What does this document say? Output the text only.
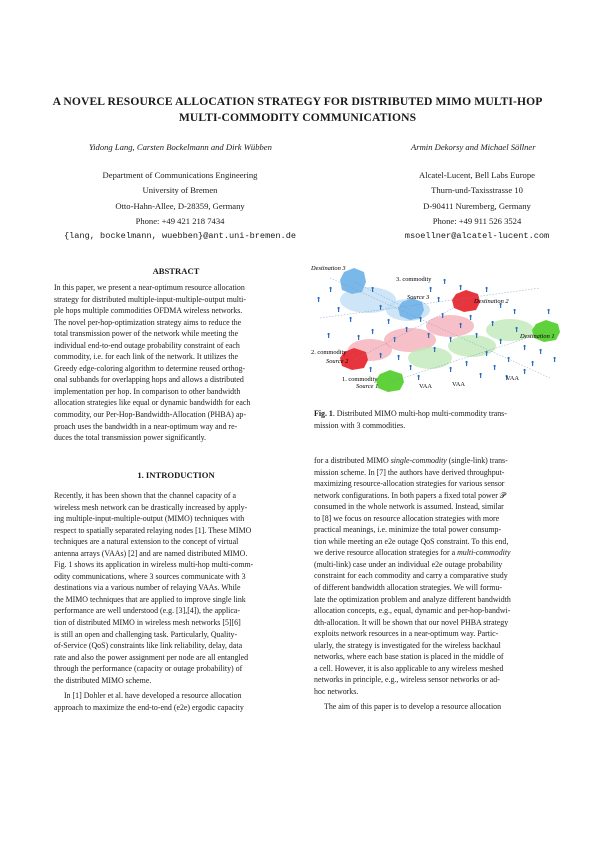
A NOVEL RESOURCE ALLOCATION STRATEGY FOR DISTRIBUTED MIMO MULTI-HOP
MULTI-COMMODITY COMMUNICATIONS
Yidong Lang, Carsten Bockelmann and Dirk Wübben	Armin Dekorsy and Michael Söllner
Department of Communications Engineering
University of Bremen
Otto-Hahn-Allee, D-28359, Germany
Phone: +49 421 218 7434
{lang, bockelmann, wuebben}@ant.uni-bremen.de
Alcatel-Lucent, Bell Labs Europe
Thurn-und-Taxisstrasse 10
D-90411 Nuremberg, Germany
Phone: +49 911 526 3524
msoellner@alcatel-lucent.com
ABSTRACT
In this paper, we present a near-optimum resource allocation
strategy for distributed multiple-input-multiple-output multi-
ple hops multiple commodities OFDMA wireless networks.
The novel per-hop-optimization strategy aims to reduce the
total transmission power of the network while meeting the
individual end-to-end outage probability constraint of each
commodity, i.e. for each link of the network. It utilizes the
Greedy edge-coloring algorithm to determine reused orthog-
onal subbands for overlapping hops and allows a distributed
implementation per hop. In comparison to other bandwidth
allocation strategies like equal or dynamic bandwidth for each
commodity, our Per-Hop-Bandwidth-Allocation (PHBA) ap-
proach uses the bandwidth in a near-optimum way and re-
duces the total transmission power significantly.
1. INTRODUCTION
Recently, it has been shown that the channel capacity of a
wireless mesh network can be drastically increased by apply-
ing multiple-input-multiple-output (MIMO) techniques with
respect to spatially separated relaying nodes [1]. These MIMO
techniques are a natural extension to the concept of virtual
antenna arrays (VAAs) [2] and are named distributed MIMO.
Fig. 1 shows its application in wireless multi-hop multi-comm-
odity communications, where 3 sources communicate with 3
destinations via a various number of relaying VAAs. While
the MIMO techniques that are applied to improve single link
performance are well understood (e.g. [3],[4]), the applica-
tion of distributed MIMO in wireless mesh networks [5][6]
is still an open and challenging task. Particularly, Quality-
of-Service (QoS) constraints like link reliability, delay, data
rate and also the power assignment per node are all entangled
through the performance (capacity or outage probability) of
the distributed MIMO scheme.
In [1] Dohler et al. have developed a resource allocation
approach to maximize the end-to-end (e2e) ergodic capacity
Destination 3
3. commodity
Source 3
Destination 2
Destination 1
2. commodity
Source 2
1. commodity
Source 1	VAA	VAA
VAA
Fig. 1. Distributed MIMO multi-hop multi-commodity trans-
mission with 3 commodities.
for a distributed MIMO single-commodity (single-link) trans-
mission scheme. In [7] the authors have derived throughput-
maximizing resource-allocation strategies for various sensor
network configurations. In both papers a fixed total power 𝒫
consumed in the whole network is assumed. Instead, similar
to [8] we focus on resource allocation strategies with more
practical meanings, i.e. minimize the total power consump-
tion while meeting an e2e outage QoS constraint. To this end,
we derive resource allocation strategies for a multi-commodity
(multi-link) case under an individual e2e outage probability
constraint for each commodity and carry a comparative study
of different bandwidth allocation strategies. We will formu-
late the optimization problem and analyze different bandwidth
allocation concepts, e.g., equal, dynamic and per-hop-bandwi-
dth-allocation. It will be shown that our novel PHBA strategy
exploits network resources in a near-optimum way. Partic-
ularly, the strategy is investigated for the wireless backhaul
networks, where each base station is placed in the middle of
a cell. However, it is also applicable to any wireless meshed
networks in principle, e.g., wireless sensor networks or ad-
hoc networks.
The aim of this paper is to develop a resource allocation
